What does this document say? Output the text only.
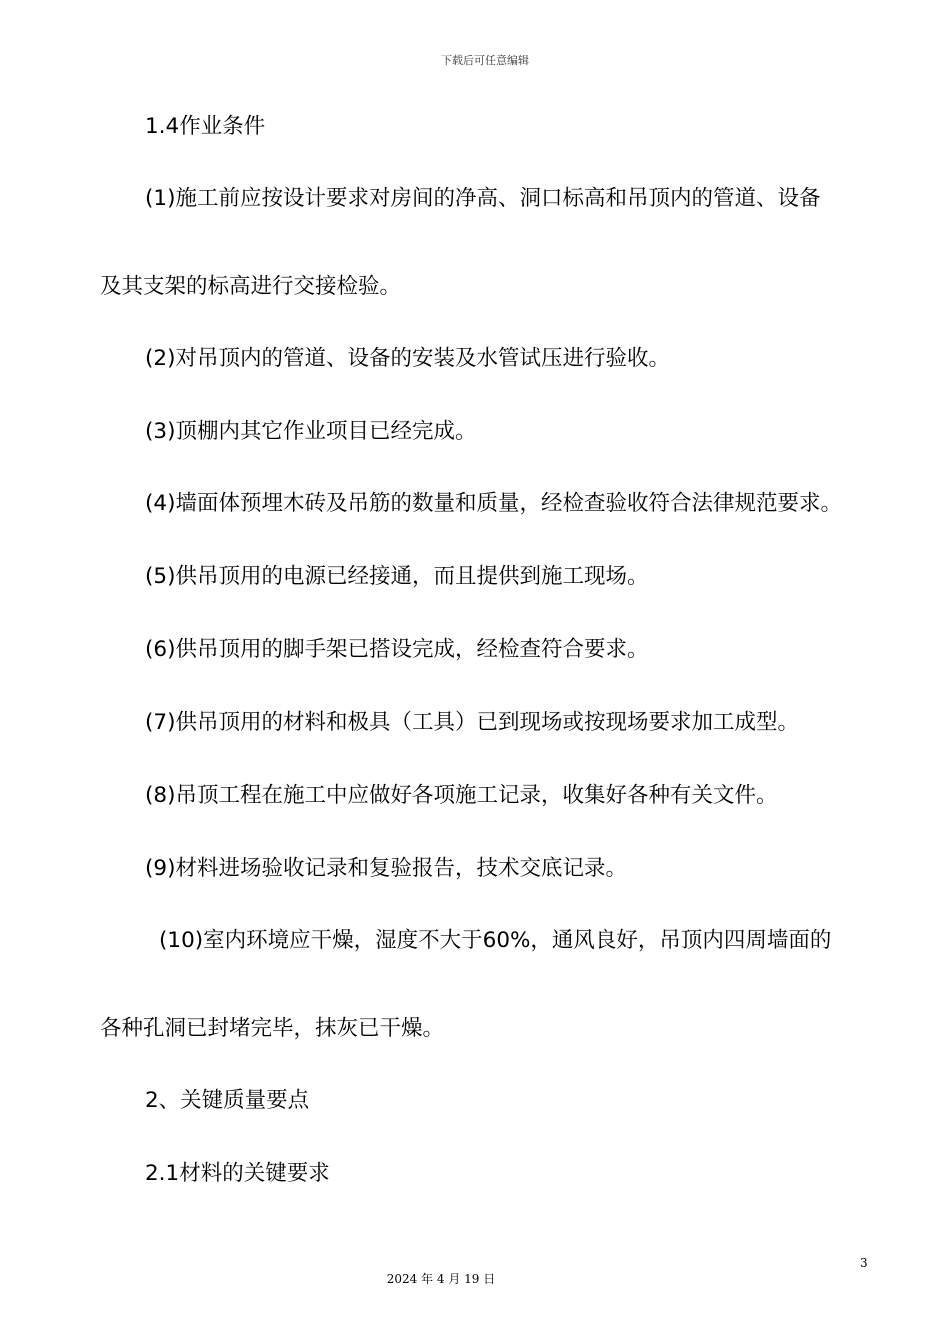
下载后可任意编辑
1.4作业条件
(1)施工前应按设计要求对房间的净高、洞口标高和吊顶内的管道、设备
及其支架的标高进行交接检验。
(2)对吊顶内的管道、设备的安装及水管试压进行验收。
(3)顶棚内其它作业项目已经完成。
(4)墙面体预埋木砖及吊筋的数量和质量，经检查验收符合法律规范要求。
(5)供吊顶用的电源已经接通，而且提供到施工现场。
(6)供吊顶用的脚手架已搭设完成，经检查符合要求。
(7)供吊顶用的材料和极具（工具）已到现场或按现场要求加工成型。
(8)吊顶工程在施工中应做好各项施工记录，收集好各种有关文件。
(9)材料进场验收记录和复验报告，技术交底记录。
(10)室内环境应干燥，湿度不大于60%，通风良好，吊顶内四周墙面的
各种孔洞已封堵完毕，抹灰已干燥。
2、关键质量要点
2.1材料的关键要求
3
2024 年 4 月 19 日
